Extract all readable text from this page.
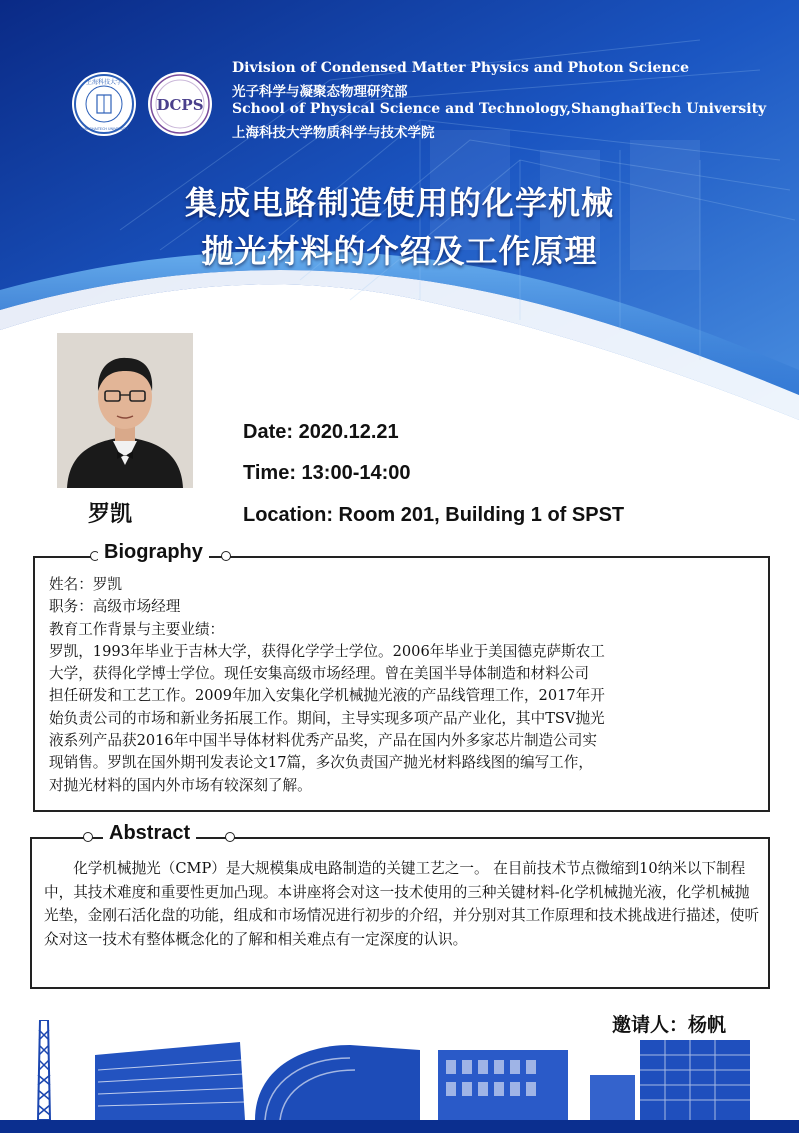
上海科技大学
SHANGHAITECH UNIVERSITY
DCPS
Division of Condensed Matter Physics and Photon Science
光子科学与凝聚态物理研究部
School of Physical Science and Technology,ShanghaiTech University
上海科技大学物质科学与技术学院
集成电路制造使用的化学机械
抛光材料的介绍及工作原理
罗凯
Date: 2020.12.21
Time: 13:00-14:00
Location: Room 201, Building 1 of SPST
Biography

姓名：罗凯

职务：高级市场经理

教育工作背景与主要业绩：

罗凯，1993年毕业于吉林大学，获得化学学士学位。2006年毕业于美国德克萨斯农工

大学，获得化学博士学位。现任安集高级市场经理。曾在美国半导体制造和材料公司

担任研发和工艺工作。2009年加入安集化学机械抛光液的产品线管理工作，2017年开

始负责公司的市场和新业务拓展工作。期间，主导实现多项产品产业化，其中TSV抛光

液系列产品获2016年中国半导体材料优秀产品奖，产品在国内外多家芯片制造公司实

现销售。罗凯在国外期刊发表论文17篇，多次负责国产抛光材料路线图的编写工作，

对抛光材料的国内外市场有较深刻了解。

Abstract
化学机械抛光（CMP）是大规模集成电路制造的关键工艺之一。 在目前技术节点微缩到10纳米以下制程中，其技术难度和重要性更加凸现。本讲座将会对这一技术使用的三种关键材料-化学机械抛光液，化学机械抛光垫，金刚石活化盘的功能，组成和市场情况进行初步的介绍，并分别对其工作原理和技术挑战进行描述，使听众对这一技术有整体概念化的了解和相关难点有一定深度的认识。
邀请人：杨帆
